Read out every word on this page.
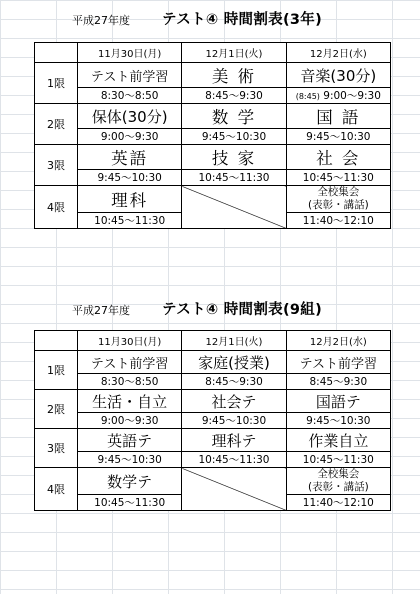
平成27年度 テスト④ 時間割表(3年)
	11月30日(月)	12月1日(火)	12月2日(水)
1限	テスト前学習	美 術	音楽(30分)
	8:30～8:50	8:45～9:30	(8:45) 9:00～9:30
2限	保体(30分)	数 学	国 語
	9:00～9:30	9:45～10:30	9:45～10:30
3限	英語	技 家	社 会
	9:45～10:30	10:45～11:30	10:45～11:30
4限	理科		全校集会
(表彰・講話)

	10:45～11:30		11:40～12:10
平成27年度 テスト④ 時間割表(9組)
	11月30日(月)	12月1日(火)	12月2日(水)
1限	テスト前学習	家庭(授業)	テスト前学習
	8:30～8:50	8:45～9:30	8:45～9:30
2限	生活・自立	社会テ	国語テ
	9:00～9:30	9:45～10:30	9:45～10:30
3限	英語テ	理科テ	作業自立
	9:45～10:30	10:45～11:30	10:45～11:30
4限	数学テ		全校集会
(表彰・講話)

	10:45～11:30		11:40～12:10
